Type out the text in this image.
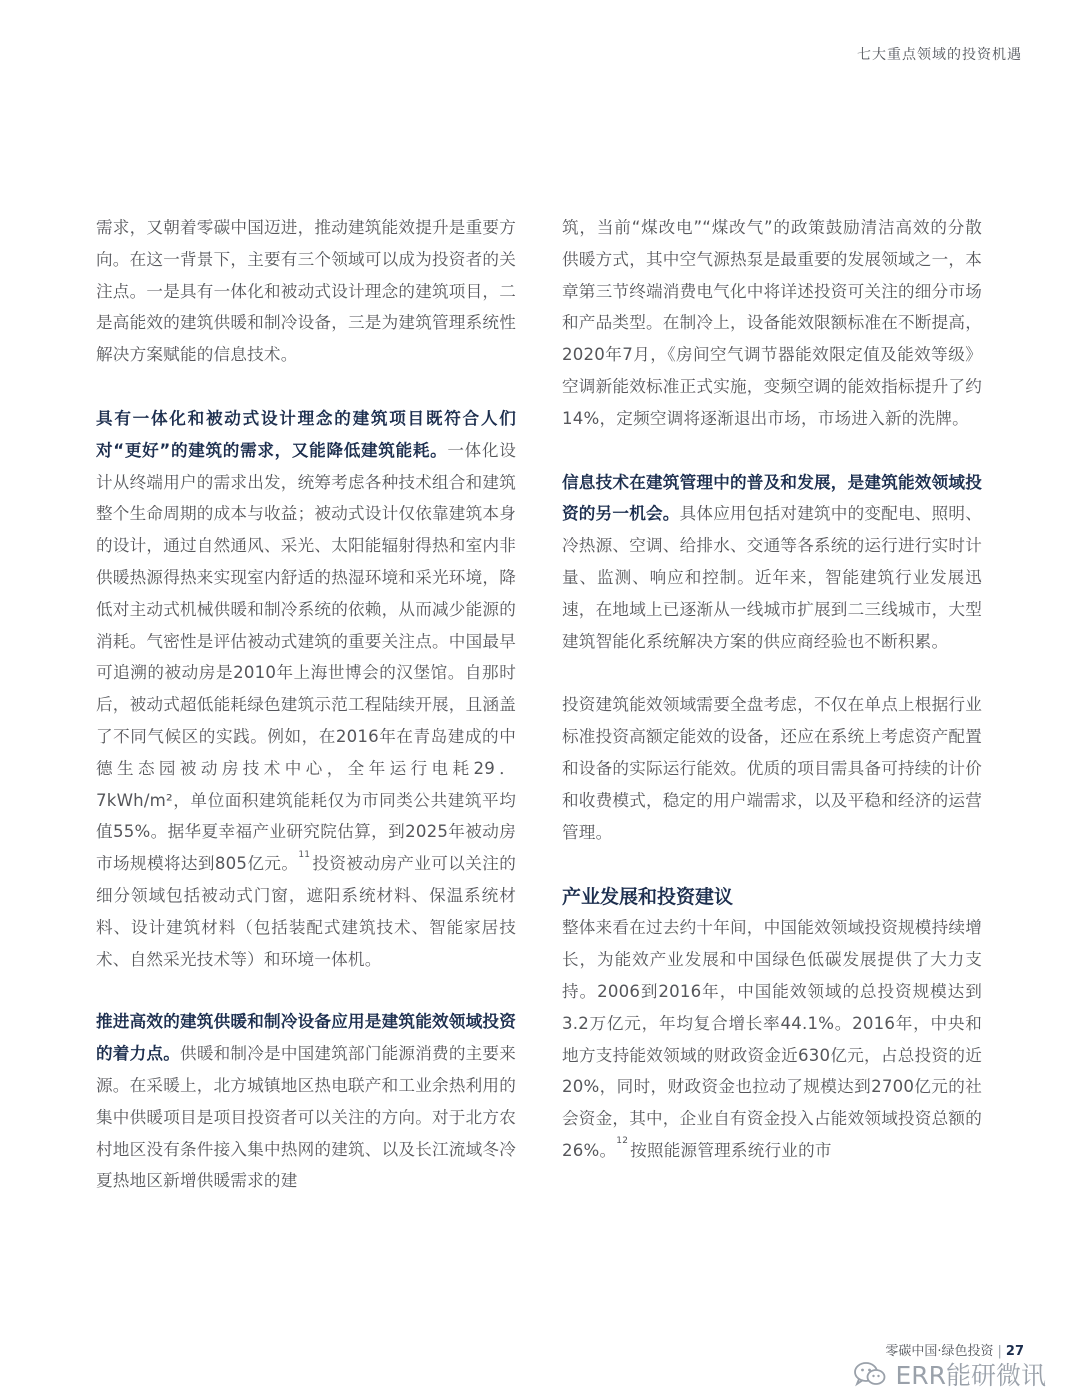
七大重点领域的投资机遇

需求，又朝着零碳中国迈进，推动建筑能效提升是重要方向。在这一背景下，主要有三个领域可以成为投资者的关注点。一是具有一体化和被动式设计理念的建筑项目，二是高能效的建筑供暖和制冷设备，三是为建筑管理系统性解决方案赋能的信息技术。

具有一体化和被动式设计理念的建筑项目既符合人们对“更好”的建筑的需求，又能降低建筑能耗。一体化设计从终端用户的需求出发，统筹考虑各种技术组合和建筑整个生命周期的成本与收益；被动式设计仅依靠建筑本身的设计，通过自然通风、采光、太阳能辐射得热和室内非供暖热源得热来实现室内舒适的热湿环境和采光环境，降低对主动式机械供暖和制冷系统的依赖，从而减少能源的消耗。气密性是评估被动式建筑的重要关注点。中国最早可追溯的被动房是2010年上海世博会的汉堡馆。自那时后，被动式超低能耗绿色建筑示范工程陆续开展，且涵盖了不同气候区的实践。例如，在2016年在青岛建成的中德生态园被动房技术中心，全年运行电耗29．7kWh/m²，单位面积建筑能耗仅为市同类公共建筑平均值55%。据华夏幸福产业研究院估算，到2025年被动房市场规模将达到805亿元。$^{11}$ 投资被动房产业可以关注的细分领域包括被动式门窗，遮阳系统材料、保温系统材料、设计建筑材料（包括装配式建筑技术、智能家居技术、自然采光技术等）和环境一体机。

推进高效的建筑供暖和制冷设备应用是建筑能效领域投资的着力点。供暖和制冷是中国建筑部门能源消费的主要来源。在采暖上，北方城镇地区热电联产和工业余热利用的集中供暖项目是项目投资者可以关注的方向。对于北方农村地区没有条件接入集中热网的建筑、以及长江流域冬冷夏热地区新增供暖需求的建

筑，当前“煤改电”“煤改气”的政策鼓励清洁高效的分散供暖方式，其中空气源热泵是最重要的发展领域之一，本章第三节终端消费电气化中将详述投资可关注的细分市场和产品类型。在制冷上，设备能效限额标准在不断提高，2020年7月，《房间空气调节器能效限定值及能效等级》空调新能效标准正式实施，变频空调的能效指标提升了约14%，定频空调将逐渐退出市场，市场进入新的洗牌。

信息技术在建筑管理中的普及和发展，是建筑能效领域投资的另一机会。具体应用包括对建筑中的变配电、照明、冷热源、空调、给排水、交通等各系统的运行进行实时计量、监测、响应和控制。近年来，智能建筑行业发展迅速，在地域上已逐渐从一线城市扩展到二三线城市，大型建筑智能化系统解决方案的供应商经验也不断积累。

投资建筑能效领域需要全盘考虑，不仅在单点上根据行业标准投资高额定能效的设备，还应在系统上考虑资产配置和设备的实际运行能效。优质的项目需具备可持续的计价和收费模式，稳定的用户端需求，以及平稳和经济的运营管理。

产业发展和投资建议

整体来看在过去约十年间，中国能效领域投资规模持续增长，为能效产业发展和中国绿色低碳发展提供了大力支持。2006到2016年，中国能效领域的总投资规模达到3.2万亿元，年均复合增长率44.1%。2016年，中央和地方支持能效领域的财政资金近630亿元，占总投资的近20%，同时，财政资金也拉动了规模达到2700亿元的社会资金，其中，企业自有资金投入占能效领域投资总额的26%。$^{12}$ 按照能源管理系统行业的市

零碳中国·绿色投资 | 27
ERR能研微讯
